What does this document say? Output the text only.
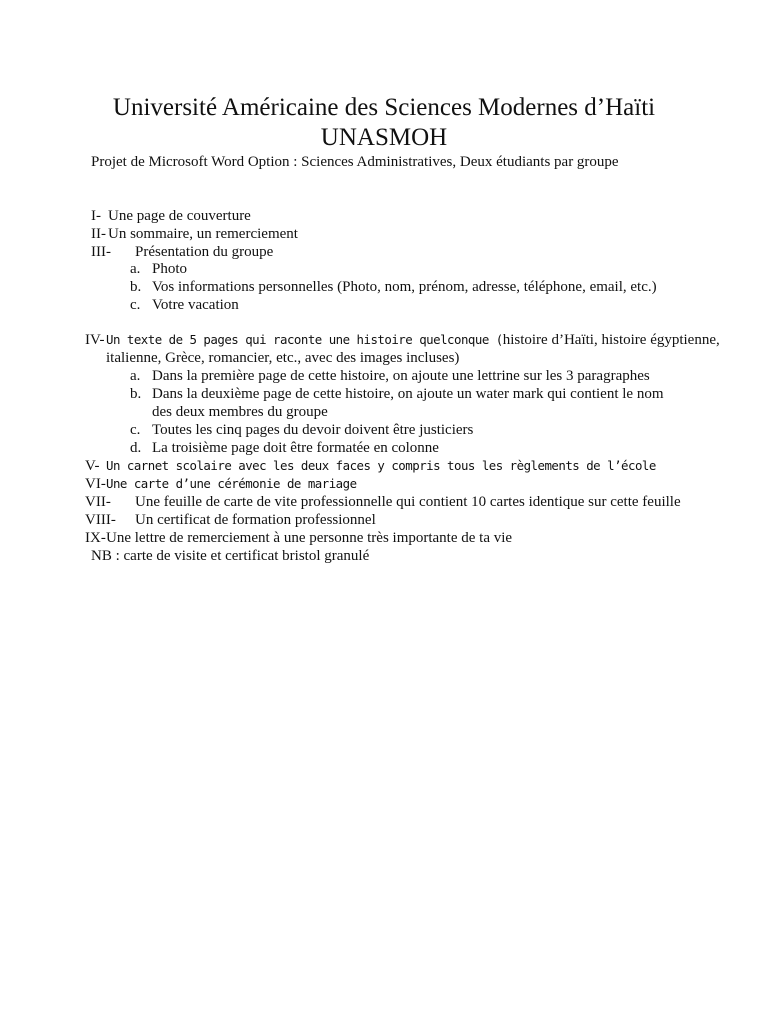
Université Américaine des Sciences Modernes d’Haïti
UNASMOH
Projet de Microsoft Word Option : Sciences Administratives, Deux étudiants par groupe
I- Une page de couverture
II- Un sommaire, un remerciement
III- Présentation du groupe
a. Photo
b. Vos informations personnelles (Photo, nom, prénom, adresse, téléphone, email, etc.)
c. Votre vacation
IV- Un texte de 5 pages qui raconte une histoire quelconque (histoire d’Haïti, histoire égyptienne,
italienne, Grèce, romancier, etc., avec des images incluses)
a. Dans la première page de cette histoire, on ajoute une lettrine sur les 3 paragraphes
b. Dans la deuxième page de cette histoire, on ajoute un water mark qui contient le nom
des deux membres du groupe
c. Toutes les cinq pages du devoir doivent être justiciers
d. La troisième page doit être formatée en colonne
V- Un carnet scolaire avec les deux faces y compris tous les règlements de l’école
VI- Une carte d’une cérémonie de mariage
VII- Une feuille de carte de vite professionnelle qui contient 10 cartes identique sur cette feuille
VIII- Un certificat de formation professionnel
IX- Une lettre de remerciement à une personne très importante de ta vie
NB : carte de visite et certificat bristol granulé
